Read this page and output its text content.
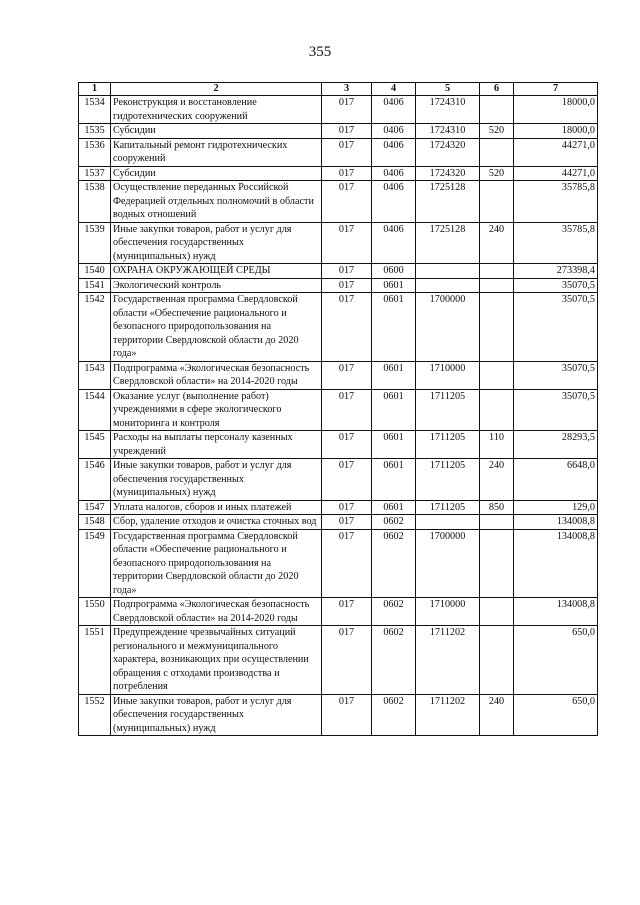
355
1	2	3	4	5	6	7
1534	Реконструкция и восстановление гидротехнических сооружений	017	0406	1724310		18000,0
1535	Субсидии	017	0406	1724310	520	18000,0
1536	Капитальный ремонт гидротехнических сооружений	017	0406	1724320		44271,0
1537	Субсидии	017	0406	1724320	520	44271,0
1538	Осуществление переданных Российской Федерацией отдельных полномочий в области водных отношений	017	0406	1725128		35785,8
1539	Иные закупки товаров, работ и услуг для обеспечения государственных (муниципальных) нужд	017	0406	1725128	240	35785,8
1540	ОХРАНА ОКРУЖАЮЩЕЙ СРЕДЫ	017	0600			273398,4
1541	Экологический контроль	017	0601			35070,5
1542	Государственная программа Свердловской области «Обеспечение рационального и безопасного природопользования на территории Свердловской области до 2020 года»	017	0601	1700000		35070,5
1543	Подпрограмма «Экологическая безопасность Свердловской области» на 2014-2020 годы	017	0601	1710000		35070,5
1544	Оказание услуг (выполнение работ) учреждениями в сфере экологического мониторинга и контроля	017	0601	1711205		35070,5
1545	Расходы на выплаты персоналу казенных учреждений	017	0601	1711205	110	28293,5
1546	Иные закупки товаров, работ и услуг для обеспечения государственных (муниципальных) нужд	017	0601	1711205	240	6648,0
1547	Уплата налогов, сборов и иных платежей	017	0601	1711205	850	129,0
1548	Сбор, удаление отходов и очистка сточных вод	017	0602			134008,8
1549	Государственная программа Свердловской области «Обеспечение рационального и безопасного природопользования на территории Свердловской области до 2020 года»	017	0602	1700000		134008,8
1550	Подпрограмма «Экологическая безопасность Свердловской области» на 2014-2020 годы	017	0602	1710000		134008,8
1551	Предупреждение чрезвычайных ситуаций регионального и межмуниципального характера, возникающих при осуществлении обращения с отходами производства и потребления	017	0602	1711202		650,0
1552	Иные закупки товаров, работ и услуг для обеспечения государственных (муниципальных) нужд	017	0602	1711202	240	650,0
